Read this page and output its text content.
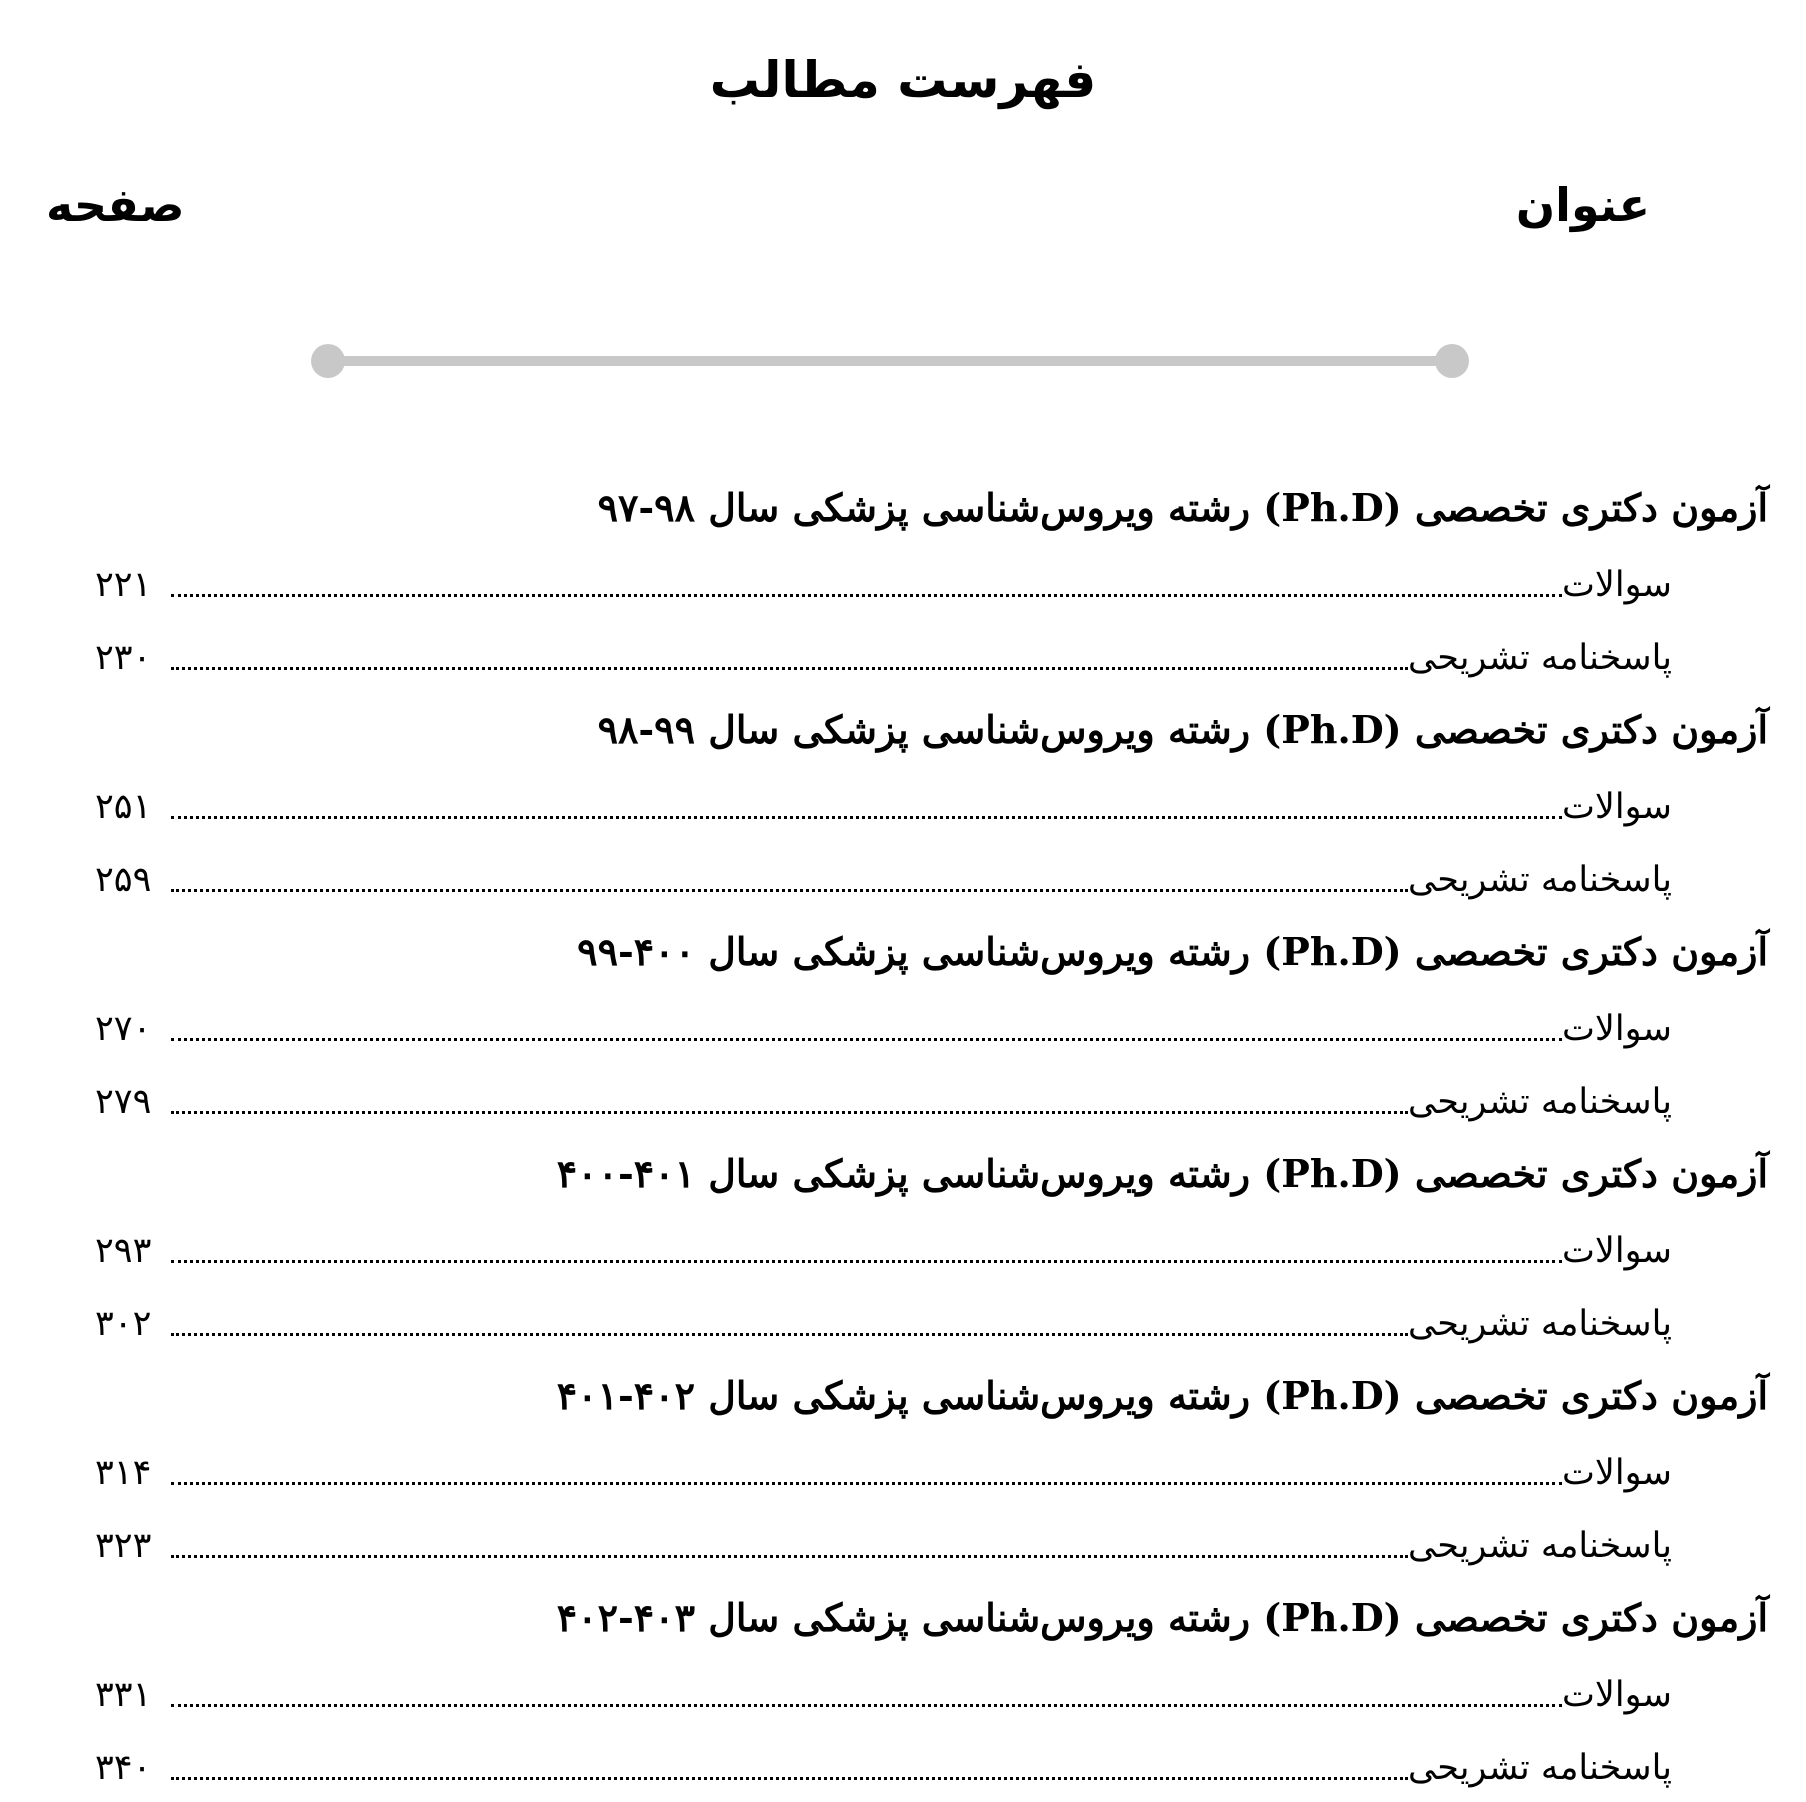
فهرست مطالب
عنوان
صفحه
آزمون دکتری تخصصی (Ph.D) رشته ویروس‌شناسی پزشکی سال ۹۸-۹۷
سوالات
۲۲۱
پاسخنامه تشریحی
۲۳۰
آزمون دکتری تخصصی (Ph.D) رشته ویروس‌شناسی پزشکی سال ۹۹-۹۸
سوالات
۲۵۱
پاسخنامه تشریحی
۲۵۹
آزمون دکتری تخصصی (Ph.D) رشته ویروس‌شناسی پزشکی سال ۴۰۰-۹۹
سوالات
۲۷۰
پاسخنامه تشریحی
۲۷۹
آزمون دکتری تخصصی (Ph.D) رشته ویروس‌شناسی پزشکی سال ۴۰۱-۴۰۰
سوالات
۲۹۳
پاسخنامه تشریحی
۳۰۲
آزمون دکتری تخصصی (Ph.D) رشته ویروس‌شناسی پزشکی سال ۴۰۲-۴۰۱
سوالات
۳۱۴
پاسخنامه تشریحی
۳۲۳
آزمون دکتری تخصصی (Ph.D) رشته ویروس‌شناسی پزشکی سال ۴۰۳-۴۰۲
سوالات
۳۳۱
پاسخنامه تشریحی
۳۴۰
